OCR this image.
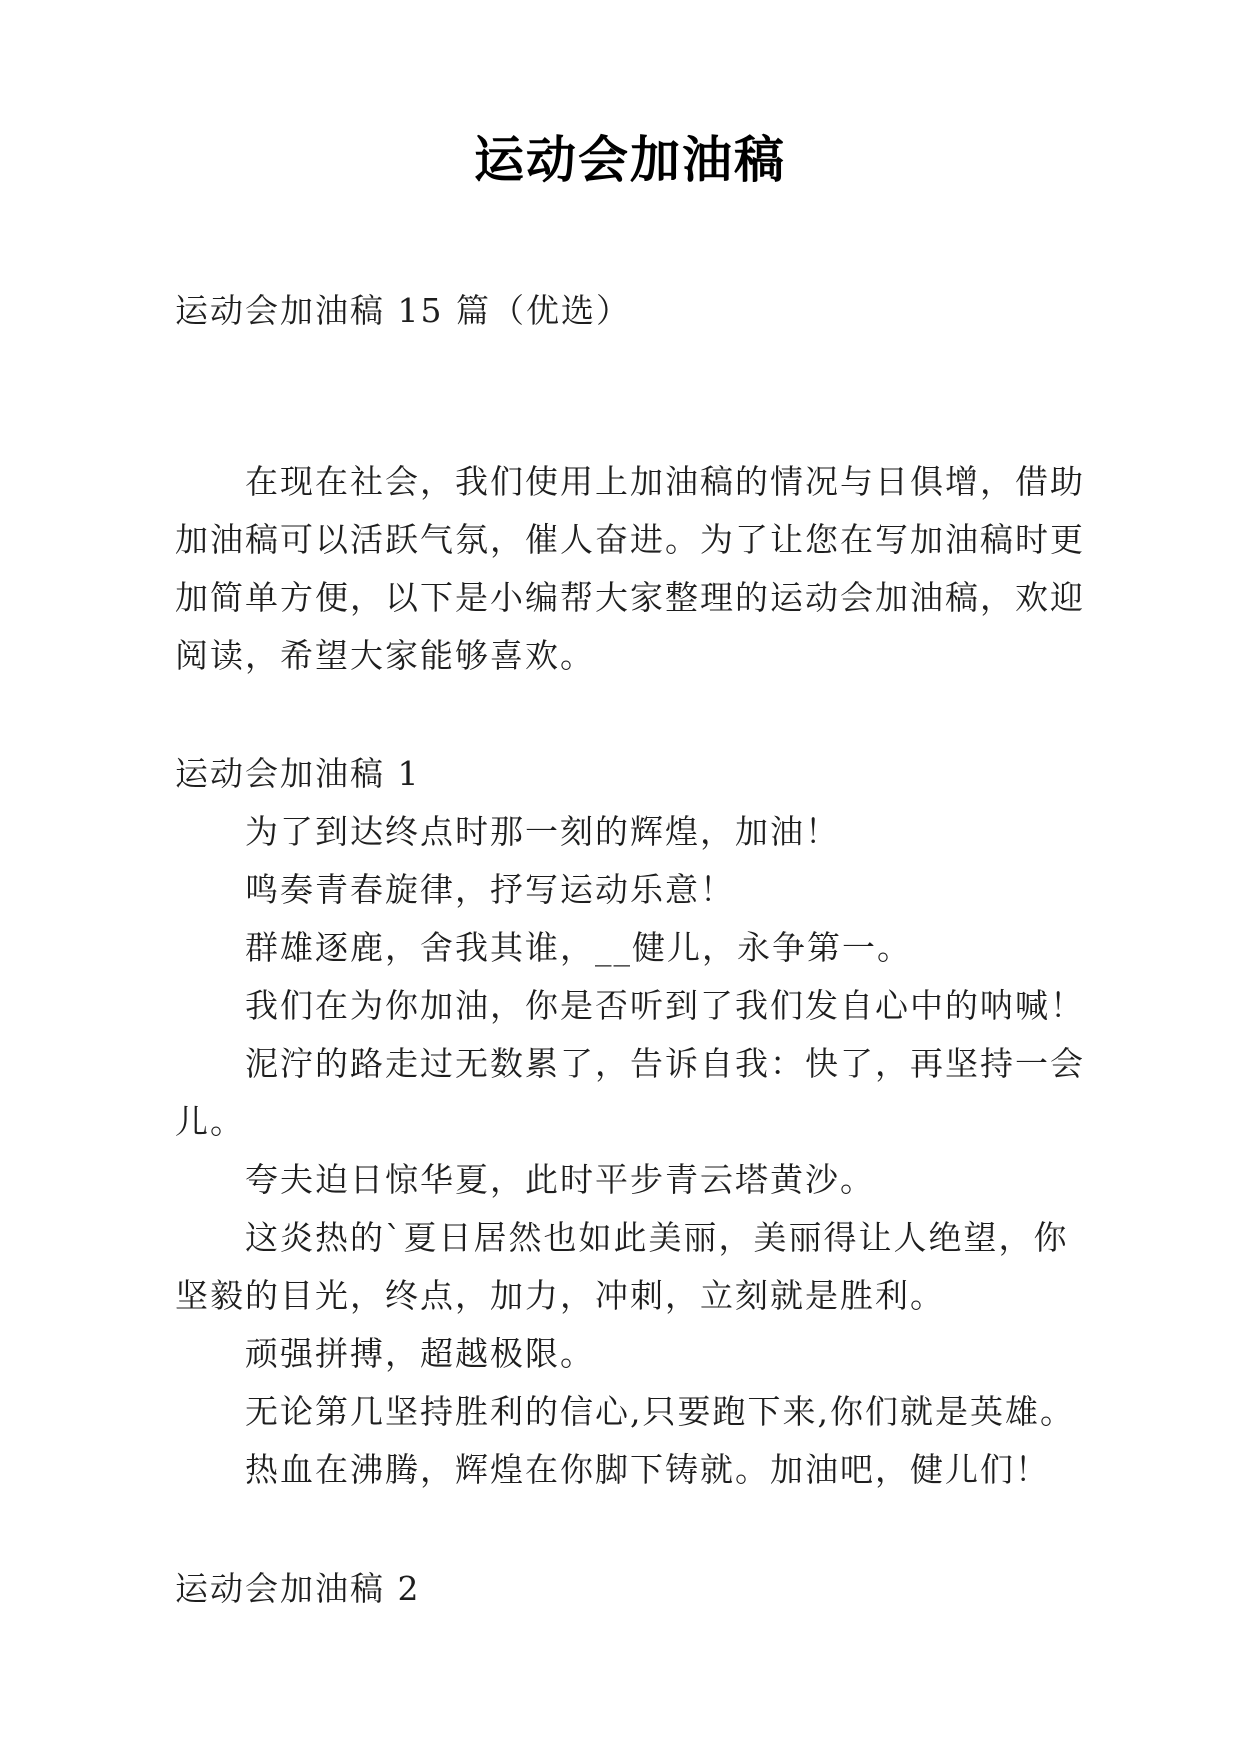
运动会加油稿

运动会加油稿 15 篇（优选）

在现在社会，我们使用上加油稿的情况与日俱增，借助加油稿可以活跃气氛，催人奋进。为了让您在写加油稿时更加简单方便，以下是小编帮大家整理的运动会加油稿，欢迎阅读，希望大家能够喜欢。

运动会加油稿 1

为了到达终点时那一刻的辉煌，加油！

鸣奏青春旋律，抒写运动乐意！

群雄逐鹿，舍我其谁，__健儿，永争第一。

我们在为你加油，你是否听到了我们发自心中的呐喊！

泥泞的路走过无数累了，告诉自我：快了，再坚持一会儿。

夸夫迫日惊华夏，此时平步青云塔黄沙。

这炎热的`夏日居然也如此美丽，美丽得让人绝望，你坚毅的目光，终点，加力，冲刺，立刻就是胜利。

顽强拼搏，超越极限。

无论第几坚持胜利的信心,只要跑下来,你们就是英雄。

热血在沸腾，辉煌在你脚下铸就。加油吧，健儿们！

运动会加油稿 2
